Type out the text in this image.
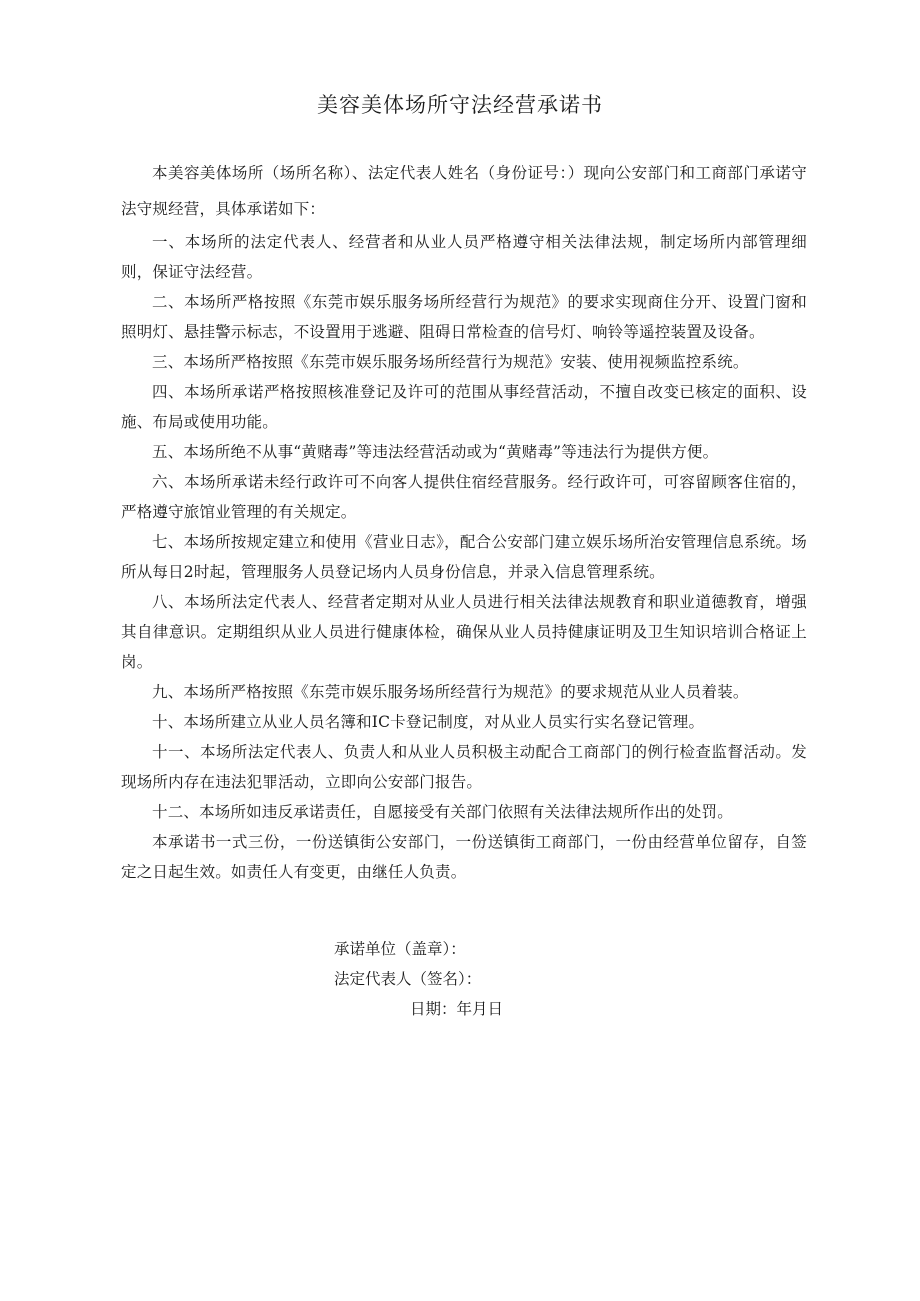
美容美体场所守法经营承诺书

本美容美体场所（场所名称）、法定代表人姓名（身份证号：）现向公安部门和工商部门承诺守法守规经营，具体承诺如下：

一、本场所的法定代表人、经营者和从业人员严格遵守相关法律法规，制定场所内部管理细则，保证守法经营。

二、本场所严格按照《东莞市娱乐服务场所经营行为规范》的要求实现商住分开、设置门窗和照明灯、悬挂警示标志，不设置用于逃避、阻碍日常检查的信号灯、响铃等遥控装置及设备。

三、本场所严格按照《东莞市娱乐服务场所经营行为规范》安装、使用视频监控系统。

四、本场所承诺严格按照核准登记及许可的范围从事经营活动，不擅自改变已核定的面积、设施、布局或使用功能。

五、本场所绝不从事“黄赌毒”等违法经营活动或为“黄赌毒”等违法行为提供方便。

六、本场所承诺未经行政许可不向客人提供住宿经营服务。经行政许可，可容留顾客住宿的，严格遵守旅馆业管理的有关规定。

七、本场所按规定建立和使用《营业日志》，配合公安部门建立娱乐场所治安管理信息系统。场所从每日2时起，管理服务人员登记场内人员身份信息，并录入信息管理系统。

八、本场所法定代表人、经营者定期对从业人员进行相关法律法规教育和职业道德教育，增强其自律意识。定期组织从业人员进行健康体检，确保从业人员持健康证明及卫生知识培训合格证上岗。

九、本场所严格按照《东莞市娱乐服务场所经营行为规范》的要求规范从业人员着装。

十、本场所建立从业人员名簿和IC卡登记制度，对从业人员实行实名登记管理。

十一、本场所法定代表人、负责人和从业人员积极主动配合工商部门的例行检查监督活动。发现场所内存在违法犯罪活动，立即向公安部门报告。

十二、本场所如违反承诺责任，自愿接受有关部门依照有关法律法规所作出的处罚。

本承诺书一式三份，一份送镇街公安部门，一份送镇街工商部门，一份由经营单位留存，自签定之日起生效。如责任人有变更，由继任人负责。

承诺单位（盖章）：
法定代表人（签名）：
日期：年月日
